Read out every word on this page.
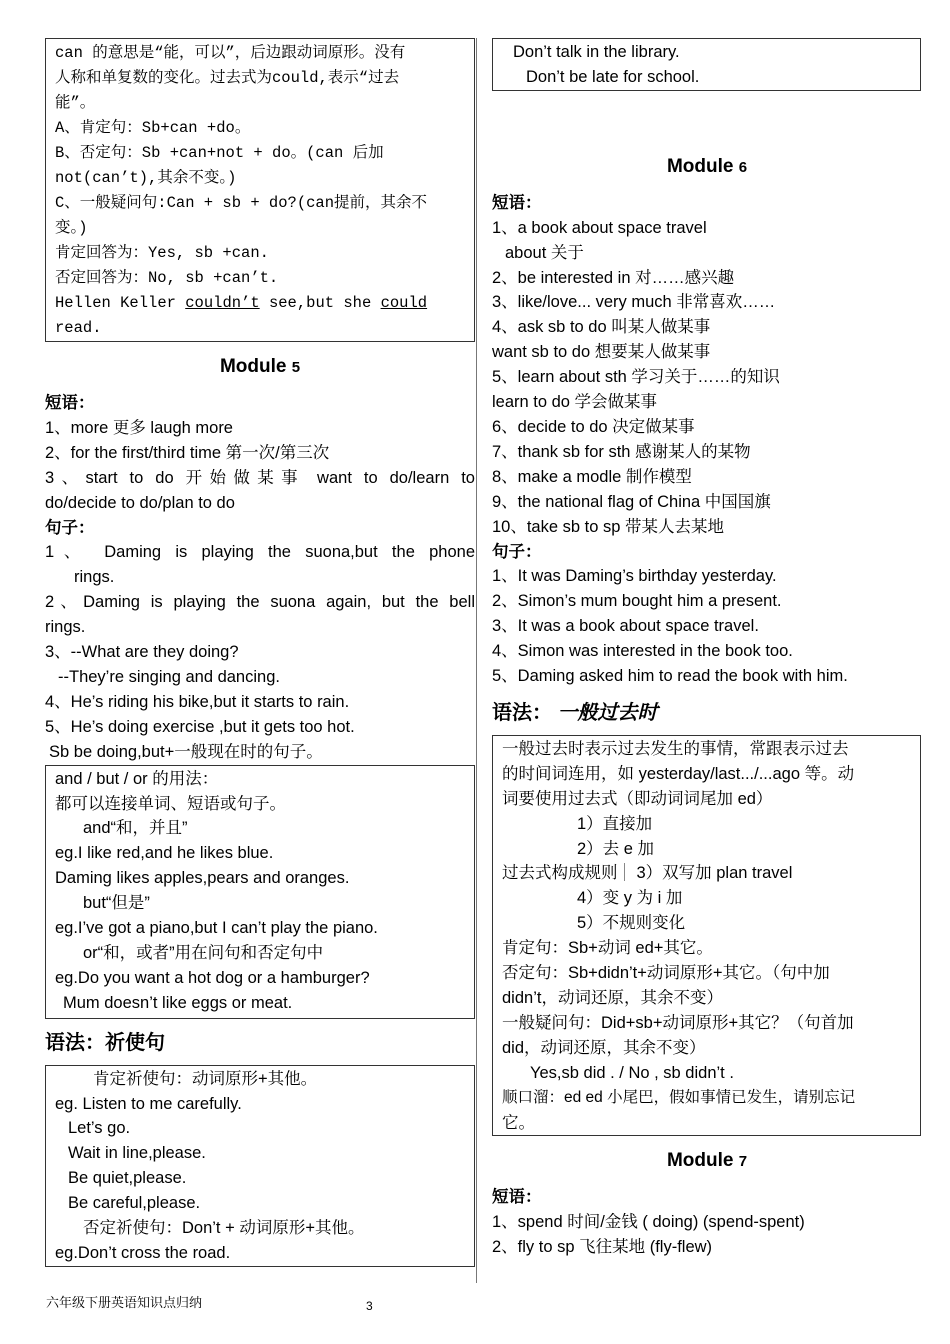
can 的意思是“能，可以”，后边跟动词原形。没有
人称和单复数的变化。过去式为could,表示“过去
能”。
A、肯定句：Sb+can +do。
B、否定句：Sb +can+not + do。(can 后加
not(can’t),其余不变。)
C、一般疑问句:Can + sb + do?(can提前，其余不
变。)
肯定回答为：Yes, sb +can.
否定回答为：No, sb +can’t.
Hellen Keller couldn’t see,but she could
read.
Module 5
短语：
1、more 更多 laugh more
2、for the first/third time 第一次/第三次
3、start to do 开始做某事 want to do/learn to
do/decide to do/plan to do
句子：
1、 Daming is playing the suona,but the phone
rings.
2、Daming is playing the suona again, but the bell
rings.
3、--What are they doing?
--They’re singing and dancing.
4、He’s riding his bike,but it starts to rain.
5、He’s doing exercise ,but it gets too hot.
Sb be doing,but+一般现在时的句子。
and / but / or 的用法：
都可以连接单词、短语或句子。
and“和，并且”
eg.I like red,and he likes blue.
Daming likes apples,pears and oranges.
but“但是”
eg.I’ve got a piano,but I can’t play the piano.
or“和，或者”用在问句和否定句中
eg.Do you want a hot dog or a hamburger?
Mum doesn’t like eggs or meat.
语法：祈使句
肯定祈使句：动词原形+其他。
eg. Listen to me carefully.
Let’s go.
Wait in line,please.
Be quiet,please.
Be careful,please.
否定祈使句：Don’t + 动词原形+其他。
eg.Don’t cross the road.
Don’t talk in the library.
Don’t be late for school.
Module 6
短语：
1、a book about space travel
about 关于
2、be interested in 对……感兴趣
3、like/love... very much 非常喜欢……
4、ask sb to do 叫某人做某事
want sb to do 想要某人做某事
5、learn about sth 学习关于……的知识
learn to do 学会做某事
6、decide to do 决定做某事
7、thank sb for sth 感谢某人的某物
8、make a modle 制作模型
9、the national flag of China 中国国旗
10、take sb to sp 带某人去某地
句子：
1、It was Daming’s birthday yesterday.
2、Simon’s mum bought him a present.
3、It was a book about space travel.
4、Simon was interested in the book too.
5、Daming asked him to read the book with him.
语法： 一般过去时
一般过去时表示过去发生的事情，常跟表示过去
的时间词连用，如 yesterday/last.../...ago 等。动
词要使用过去式（即动词词尾加 ed）
1）直接加
2）去 e 加
过去式构成规则 3）双写加 plan travel
4）变 y 为 i 加
5）不规则变化
肯定句：Sb+动词 ed+其它。
否定句：Sb+didn’t+动词原形+其它。（句中加
didn’t，动词还原，其余不变）
一般疑问句：Did+sb+动词原形+其它？（句首加
did，动词还原，其余不变）
Yes,sb did . / No , sb didn’t .
顺口溜：ed ed 小尾巴，假如事情已发生，请别忘记
它。
Module 7
短语：
1、spend 时间/金钱 ( doing) (spend-spent)
2、fly to sp 飞往某地 (fly-flew)
六年级下册英语知识点归纳	3
